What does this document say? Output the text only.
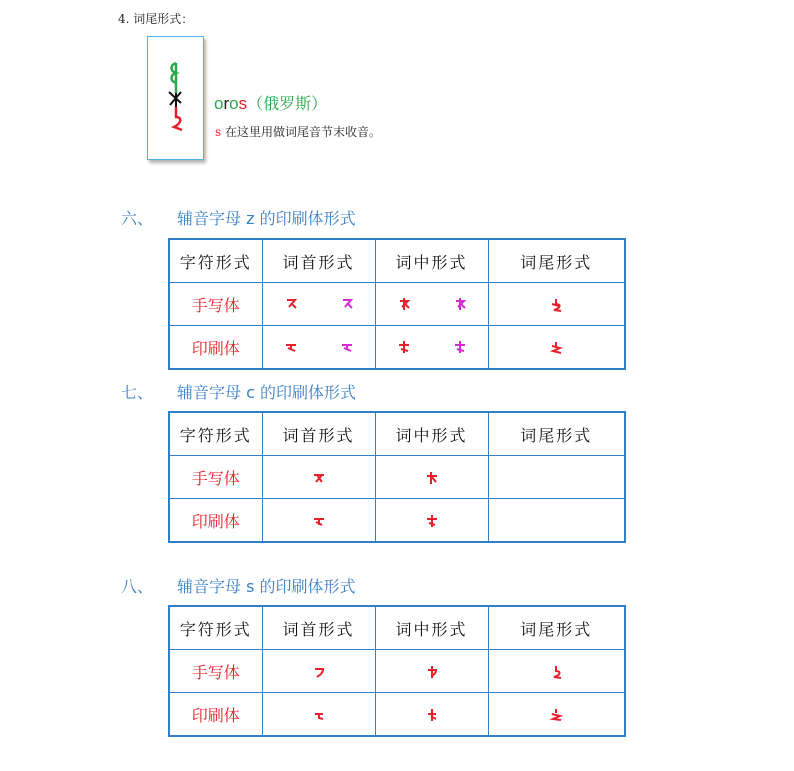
4. 词尾形式：
oros（俄罗斯）
s 在这里用做词尾音节末收音。
六、 辅音字母 z 的印刷体形式
字符形式	词首形式	词中形式	词尾形式
手写体	

印刷体	

七、 辅音字母 c 的印刷体形式
字符形式	词首形式	词中形式	词尾形式
手写体			
印刷体			
八、 辅音字母 s 的印刷体形式
字符形式	词首形式	词中形式	词尾形式
手写体			
印刷体			
